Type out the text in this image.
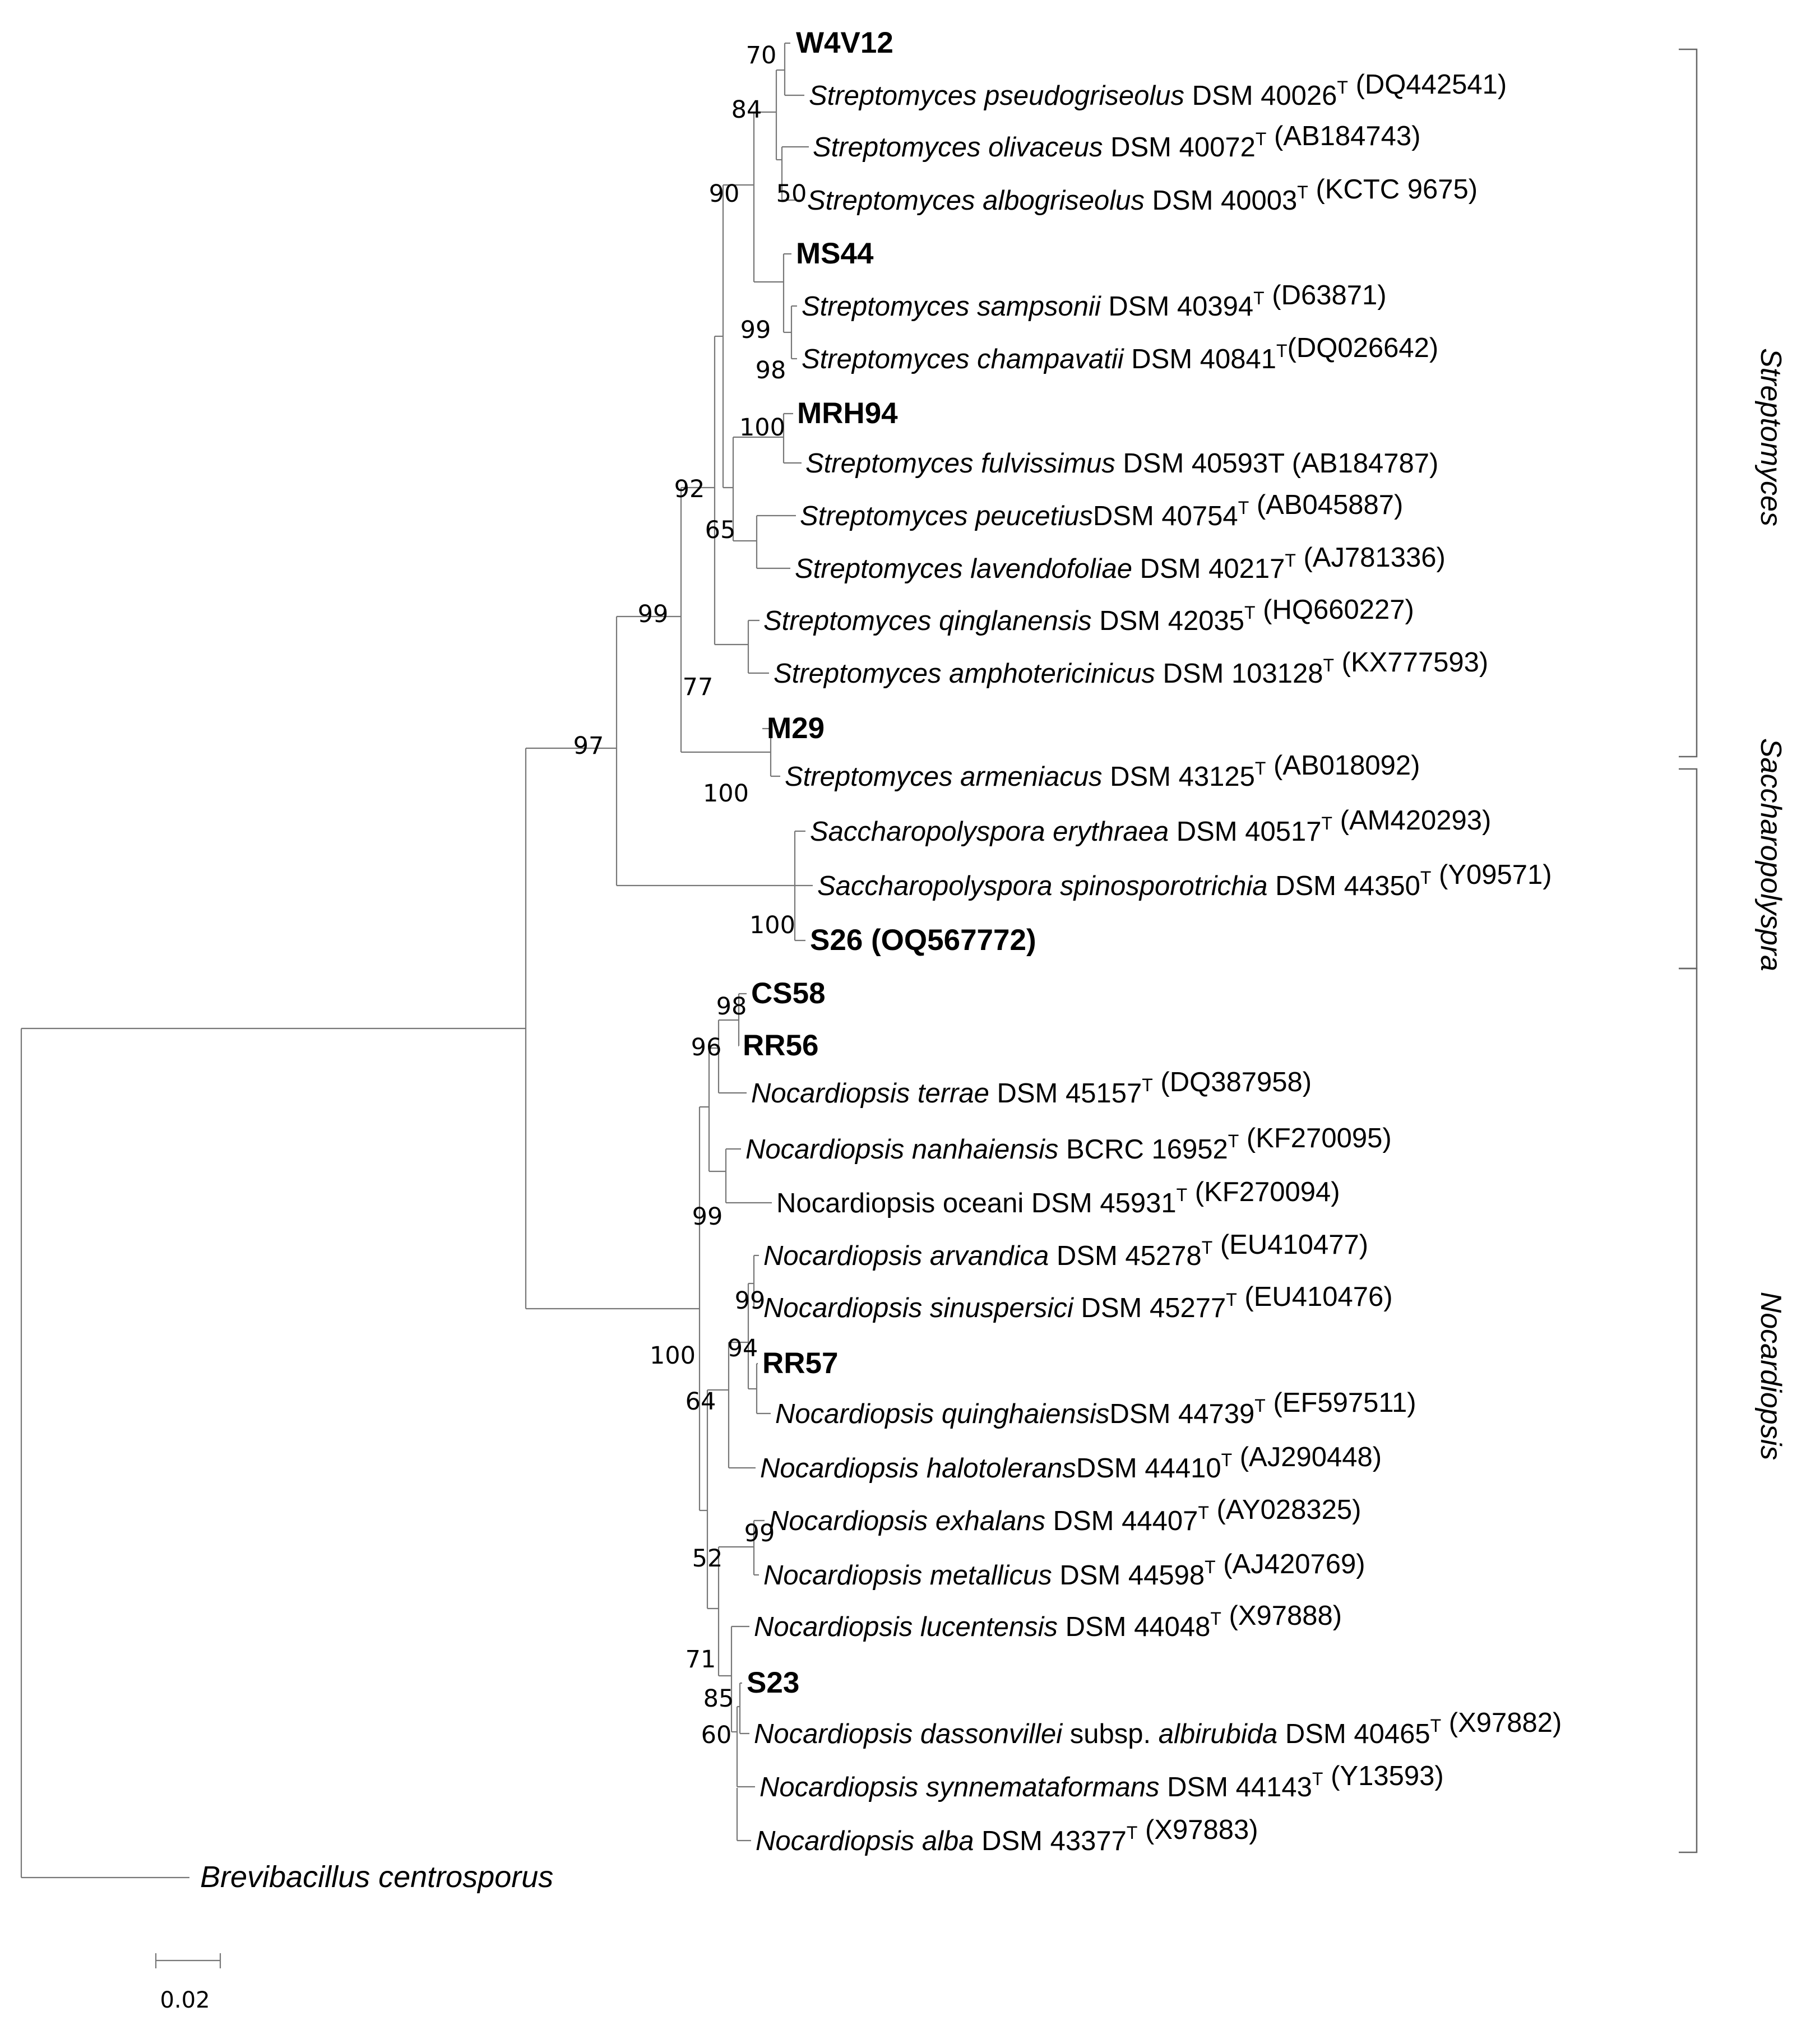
W4V12
Streptomyces pseudogriseolus DSM $40026^T$ (DQ442541)
Streptomyces olivaceus DSM $40072^T$ (AB184743)
Streptomyces albogriseolus DSM $40003^T$ (KCTC 9675)
MS44
Streptomyces sampsonii DSM $40394^T$ (D63871)
Streptomyces champavatii DSM $40841^T(DQ026642)$
MRH94
Streptomyces fulvissimus DSM 40593T (AB184787)
Streptomyces peucetiusDSM $40754^T$ (AB045887)
Streptomyces lavendofoliae DSM $40217^T$ (AJ781336)
Streptomyces qinglanensis DSM $42035^T$ (HQ660227)
Streptomyces amphotericinicus DSM $103128^T$ (KX777593)
M29
Streptomyces armeniacus DSM $43125^T$ (AB018092)
Saccharopolyspora erythraea DSM $40517^T$ (AM420293)
Saccharopolyspora spinosporotrichia DSM $44350^T$ (Y09571)
S26 (OQ567772)
CS58
RR56
Nocardiopsis terrae DSM $45157^T$ (DQ387958)
Nocardiopsis nanhaiensis BCRC $16952^T$ (KF270095)
Nocardiopsis oceani DSM $45931^T$ (KF270094)
Nocardiopsis arvandica DSM $45278^T$ (EU410477)
Nocardiopsis sinuspersici DSM $45277^T$ (EU410476)
RR57
Nocardiopsis quinghaiensisDSM $44739^T$ (EF597511)
Nocardiopsis halotoleransDSM $44410^T$ (AJ290448)
Nocardiopsis exhalans DSM $44407^T$ (AY028325)
Nocardiopsis metallicus DSM $44598^T$ (AJ420769)
Nocardiopsis lucentensis DSM $44048^T$ (X97888)
S23
Nocardiopsis dassonvillei subsp. albirubida DSM $40465^T$ (X97882)
Nocardiopsis synnemataformans DSM $44143^T$ (Y13593)
Nocardiopsis alba DSM $43377^T$ (X97883)
Brevibacillus centrosporus
70
84
90 50
99
98
100
92
65
99
77
97
100
100
98
96
99
99
94
100
64
99
52
71
85
60
Streptomyces
Saccharopolyspra
Nocardiopsis
0.02
